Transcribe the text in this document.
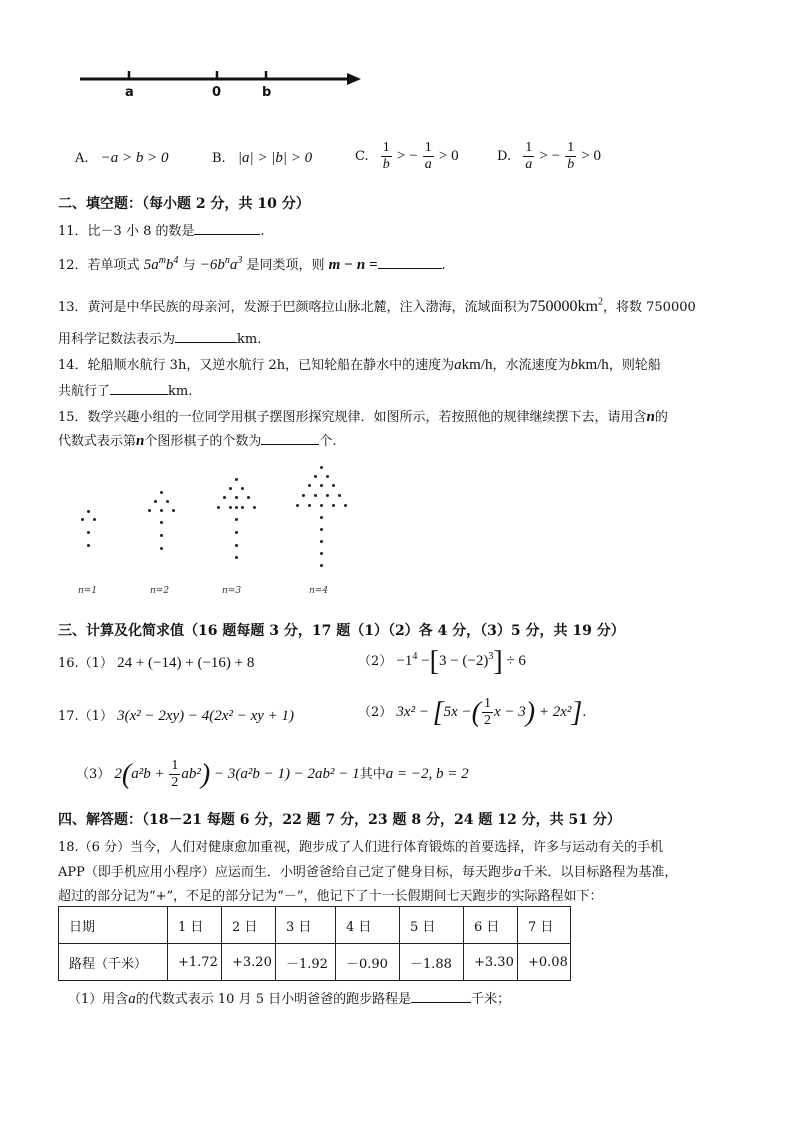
a	0	b
A. −a > b > 0	B. |a| > |b| > 0	C. $\frac{1}{b}$ > − $\frac{1}{a} > 0$	D. $\frac{1}{a}$ > − $\frac{1}{b} > 0$
二、填空题：（每小题 2 分，共 10 分）
11．比－3 小 8 的数是	.
12．若单项式 $5a^mb^4$ 与 $-6b^na^3$ 是同类项，则 m − n =	.
13．黄河是中华民族的母亲河，发源于巴颜喀拉山脉北麓，注入渤海，流域面积为$750000km^2$，将数 750000
用科学记数法表示为	km.
14．轮船顺水航行 3h，又逆水航行 2h，已知轮船在静水中的速度为akm/h，水流速度为bkm/h，则轮船
共航行了	km.
15．数学兴趣小组的一位同学用棋子摆图形探究规律．如图所示，若按照他的规律继续摆下去，请用含n的
代数式表示第n个图形棋子的个数为	个.
n=1	n=2	n=3	n=4
三、计算及化简求值（16 题每题 3 分，17 题（1）（2）各 4 分，（3）5 分，共 19 分）
16.（1） 24 + (−14) + (−16) + 8	$(2) -1^4 -[3 - (-2)^3] \div 6$
17.（1） 3(x² − 2xy) − 4(2x² − xy + 1)	（2） 3x² − [5x −( $\frac{1}{2}$ x − 3) + 2x²].
（3） $2(a^2b + \frac{1}{2} ab^2) - 3(a^2b - 1) - 2ab^2 - 1$其中a = −2, b = 2
四、解答题：（18－21 每题 6 分，22 题 7 分，23 题 8 分，24 题 12 分，共 51 分）
18.（6 分）当今，人们对健康愈加重视，跑步成了人们进行体育锻炼的首要选择，许多与运动有关的手机
APP（即手机应用小程序）应运而生．小明爸爸给自己定了健身目标，每天跑步a千米．以目标路程为基准，
超过的部分记为“+”，不足的部分记为“－”，他记下了十一长假期间七天跑步的实际路程如下：
日期	1 日	2 日	3 日	4 日	5 日	6 日	7 日
路程（千米）	+1.72	+3.20	－1.92	－0.90	－1.88	+3.30	+0.08
（1）用含a的代数式表示 10 月 5 日小明爸爸的跑步路程是	千米；
